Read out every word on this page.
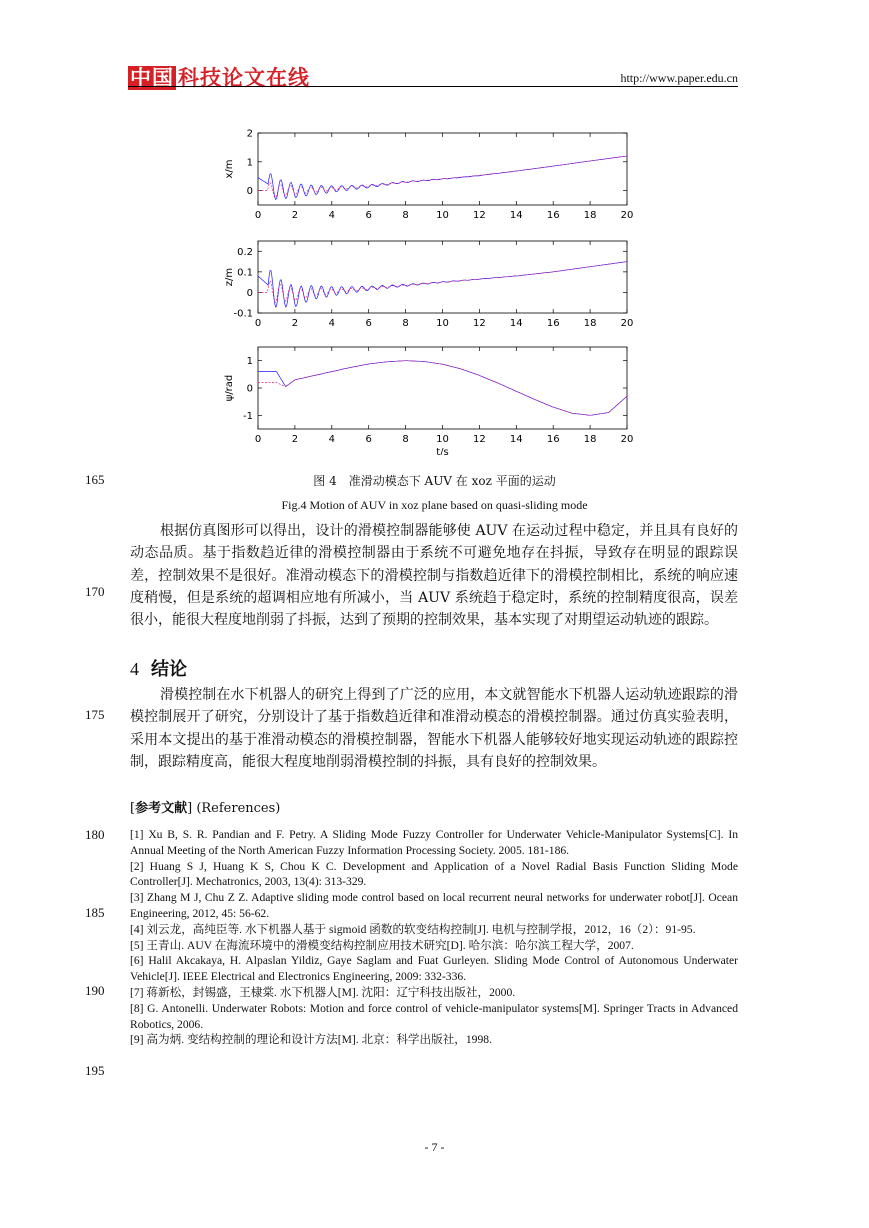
中国 科技论文在线	http://www.paper.edu.cn
0	2	4	6	8	10 12 14 16 18 20
0
1
2
x/m
0	2	4	6	8	10 12 14 16 18 20
-0.1
0
0.1
0.2
z/m
0	2	4	6	8	10 12 14 16 18 20
-1
0
1
ψ/rad
t/s
165	图 4　准滑动模态下 AUV 在 xoz 平面的运动
Fig.4 Motion of AUV in xoz plane based on quasi-sliding mode

根据仿真图形可以得出，设计的滑模控制器能够使 AUV 在运动过程中稳定，并且具有良好的动态品质。基于指数趋近律的滑模控制器由于系统不可避免地存在抖振，导致存在明显的跟踪误差，控制效果不是很好。准滑动模态下的滑模控制与指数趋近律下的滑模控制相比，系统的响应速度稍慢，但是系统的超调相应地有所减小，当 AUV 系统趋于稳定时，系统的控制精度很高，误差很小，能很大程度地削弱了抖振，达到了预期的控制效果，基本实现了对期望运动轨迹的跟踪。

170
4 结论

滑模控制在水下机器人的研究上得到了广泛的应用，本文就智能水下机器人运动轨迹跟踪的滑模控制展开了研究，分别设计了基于指数趋近律和准滑动模态的滑模控制器。通过仿真实验表明，采用本文提出的基于准滑动模态的滑模控制器，智能水下机器人能够较好地实现运动轨迹的跟踪控制，跟踪精度高，能很大程度地削弱滑模控制的抖振，具有良好的控制效果。

175
[参考文献] (References)
180
185
190
195
[1] Xu B, S. R. Pandian and F. Petry. A Sliding Mode Fuzzy Controller for Underwater Vehicle-Manipulator Systems[C]. In Annual Meeting of the North American Fuzzy Information Processing Society. 2005. 181-186.
[2] Huang S J, Huang K S, Chou K C. Development and Application of a Novel Radial Basis Function Sliding Mode Controller[J]. Mechatronics, 2003, 13(4): 313-329.
[3] Zhang M J, Chu Z Z. Adaptive sliding mode control based on local recurrent neural networks for underwater robot[J]. Ocean Engineering, 2012, 45: 56-62.
[4] 刘云龙，高纯臣等. 水下机器人基于 sigmoid 函数的软变结构控制[J]. 电机与控制学报，2012，16（2）：91-95.
[5] 王青山. AUV 在海流环境中的滑模变结构控制应用技术研究[D]. 哈尔滨：哈尔滨工程大学，2007.
[6] Halil Akcakaya, H. Alpaslan Yildiz, Gaye Saglam and Fuat Gurleyen. Sliding Mode Control of Autonomous Underwater Vehicle[J]. IEEE Electrical and Electronics Engineering, 2009: 332-336.
[7] 蒋新松，封锡盛，王棣棠. 水下机器人[M]. 沈阳：辽宁科技出版社，2000.
[8] G. Antonelli. Underwater Robots: Motion and force control of vehicle-manipulator systems[M]. Springer Tracts in Advanced Robotics, 2006.
[9] 高为炳. 变结构控制的理论和设计方法[M]. 北京：科学出版社，1998.
- 7 -
